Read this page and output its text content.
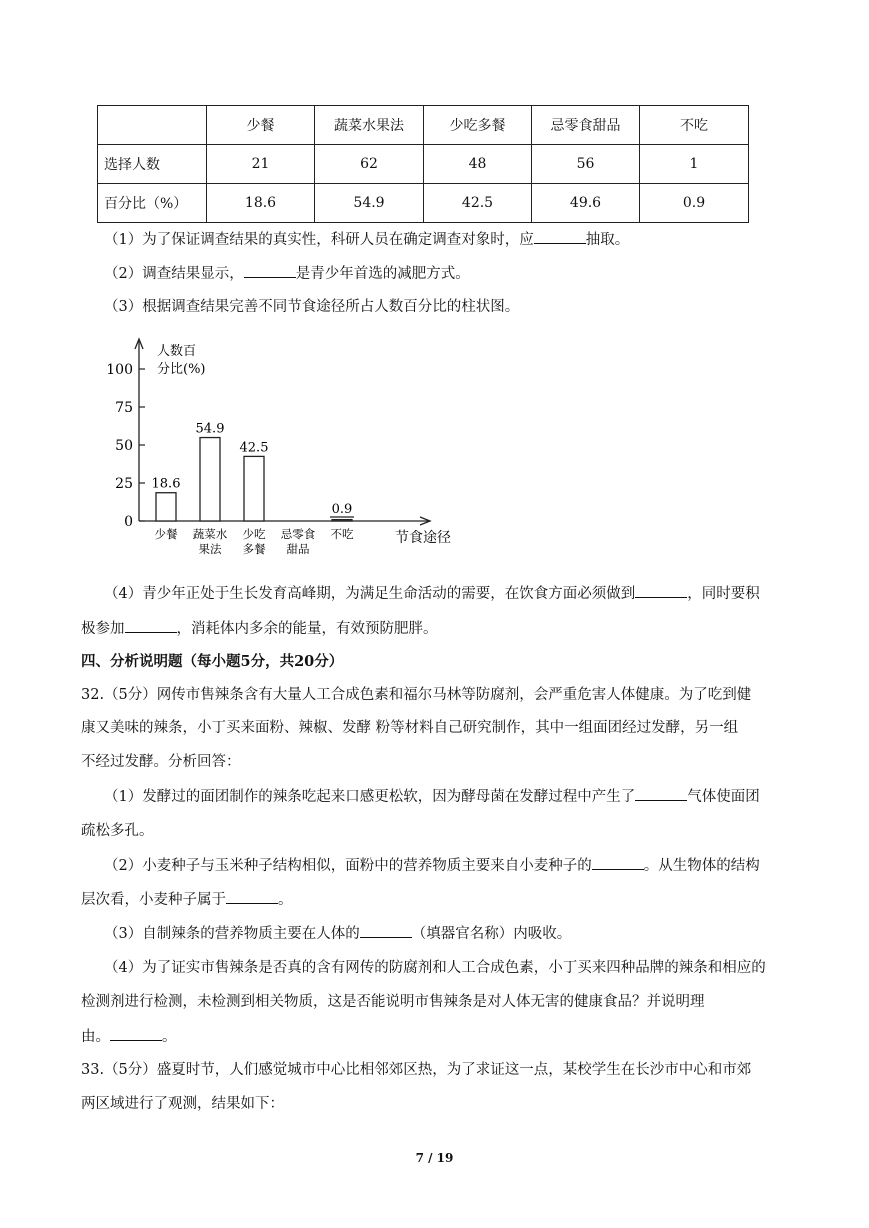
	少餐	蔬菜水果法	少吃多餐	忌零食甜品	不吃
选择人数	21	62	48	56	1
百分比（%）	18.6	54.9	42.5	49.6	0.9
（1）为了保证调查结果的真实性，科研人员在确定调查对象时，应	抽取。
（2）调查结果显示，	是青少年首选的减肥方式。
（3）根据调查结果完善不同节食途径所占人数百分比的柱状图。
人数百
分比(%)
节食途径
0
25
50
75
100
18.6
少餐
54.9
蔬菜水
果法
42.5
少吃
多餐
忌零食
甜品
0.9
不吃
（4）青少年正处于生长发育高峰期，为满足生命活动的需要，在饮食方面必须做到	，同时要积
极参加	，消耗体内多余的能量，有效预防肥胖。
四、分析说明题（每小题5分，共20分）
32.（5分）网传市售辣条含有大量人工合成色素和福尔马林等防腐剂，会严重危害人体健康。为了吃到健
康又美味的辣条，小丁买来面粉、辣椒、发酵 粉等材料自己研究制作，其中一组面团经过发酵，另一组
不经过发酵。分析回答：
（1）发酵过的面团制作的辣条吃起来口感更松软，因为酵母菌在发酵过程中产生了	气体使面团
疏松多孔。
（2）小麦种子与玉米种子结构相似，面粉中的营养物质主要来自小麦种子的	。从生物体的结构
层次看，小麦种子属于	。
（3）自制辣条的营养物质主要在人体的	（填器官名称）内吸收。
（4）为了证实市售辣条是否真的含有网传的防腐剂和人工合成色素，小丁买来四种品牌的辣条和相应的
检测剂进行检测，未检测到相关物质，这是否能说明市售辣条是对人体无害的健康食品？并说明理
由。	。
33.（5分）盛夏时节，人们感觉城市中心比相邻郊区热，为了求证这一点，某校学生在长沙市中心和市郊
两区域进行了观测，结果如下：
7 / 19
